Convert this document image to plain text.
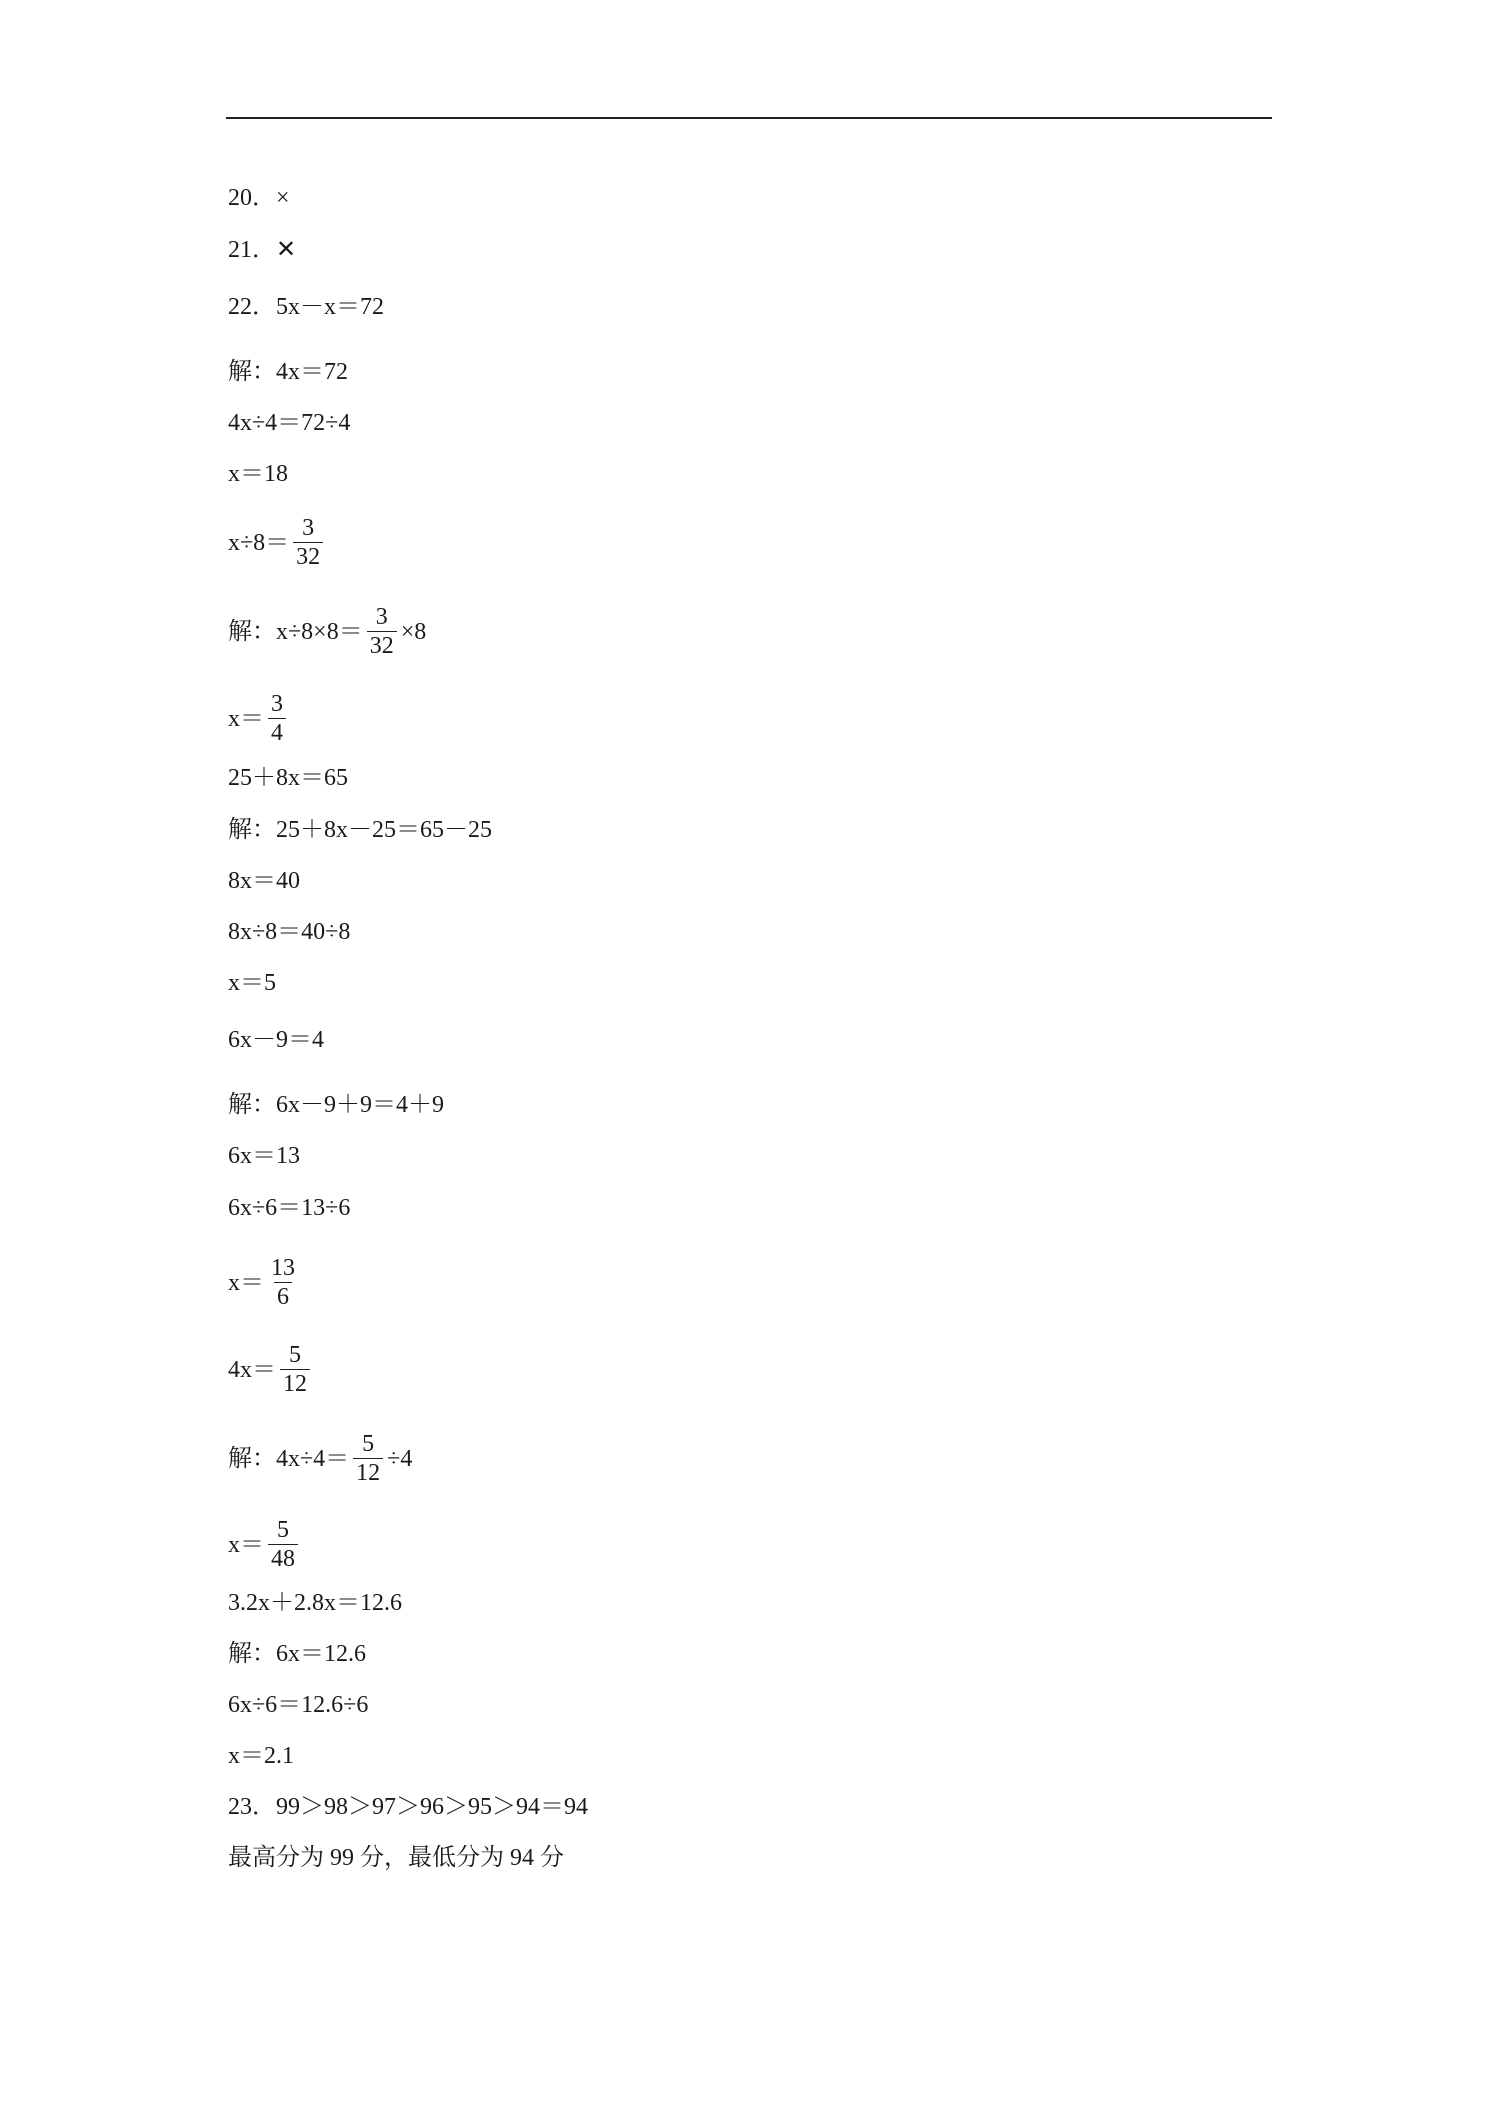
20．×
21．✕
22．5x－x＝72
解：4x＝72
4x÷4＝72÷4
x＝18
$x\div 8= \frac{3}{32}$
解：$x\div 8\times 8= \frac{3}{32} \times 8$
$x= \frac{3}{4}$
25＋8x＝65
解：25＋8x－25＝65－25
8x＝40
8x÷8＝40÷8
x＝5
6x－9＝4
解：6x－9＋9＝4＋9
6x＝13
6x÷6＝13÷6
$x= \frac{13}{6}$
$4x= \frac{5}{12}$
解：$4x\div 4= \frac{5}{12} \div 4$
$x= \frac{5}{48}$
3.2x＋2.8x＝12.6
解：6x＝12.6
6x÷6＝12.6÷6
x＝2.1
23．99＞98＞97＞96＞95＞94＝94
最高分为 99 分，最低分为 94 分
